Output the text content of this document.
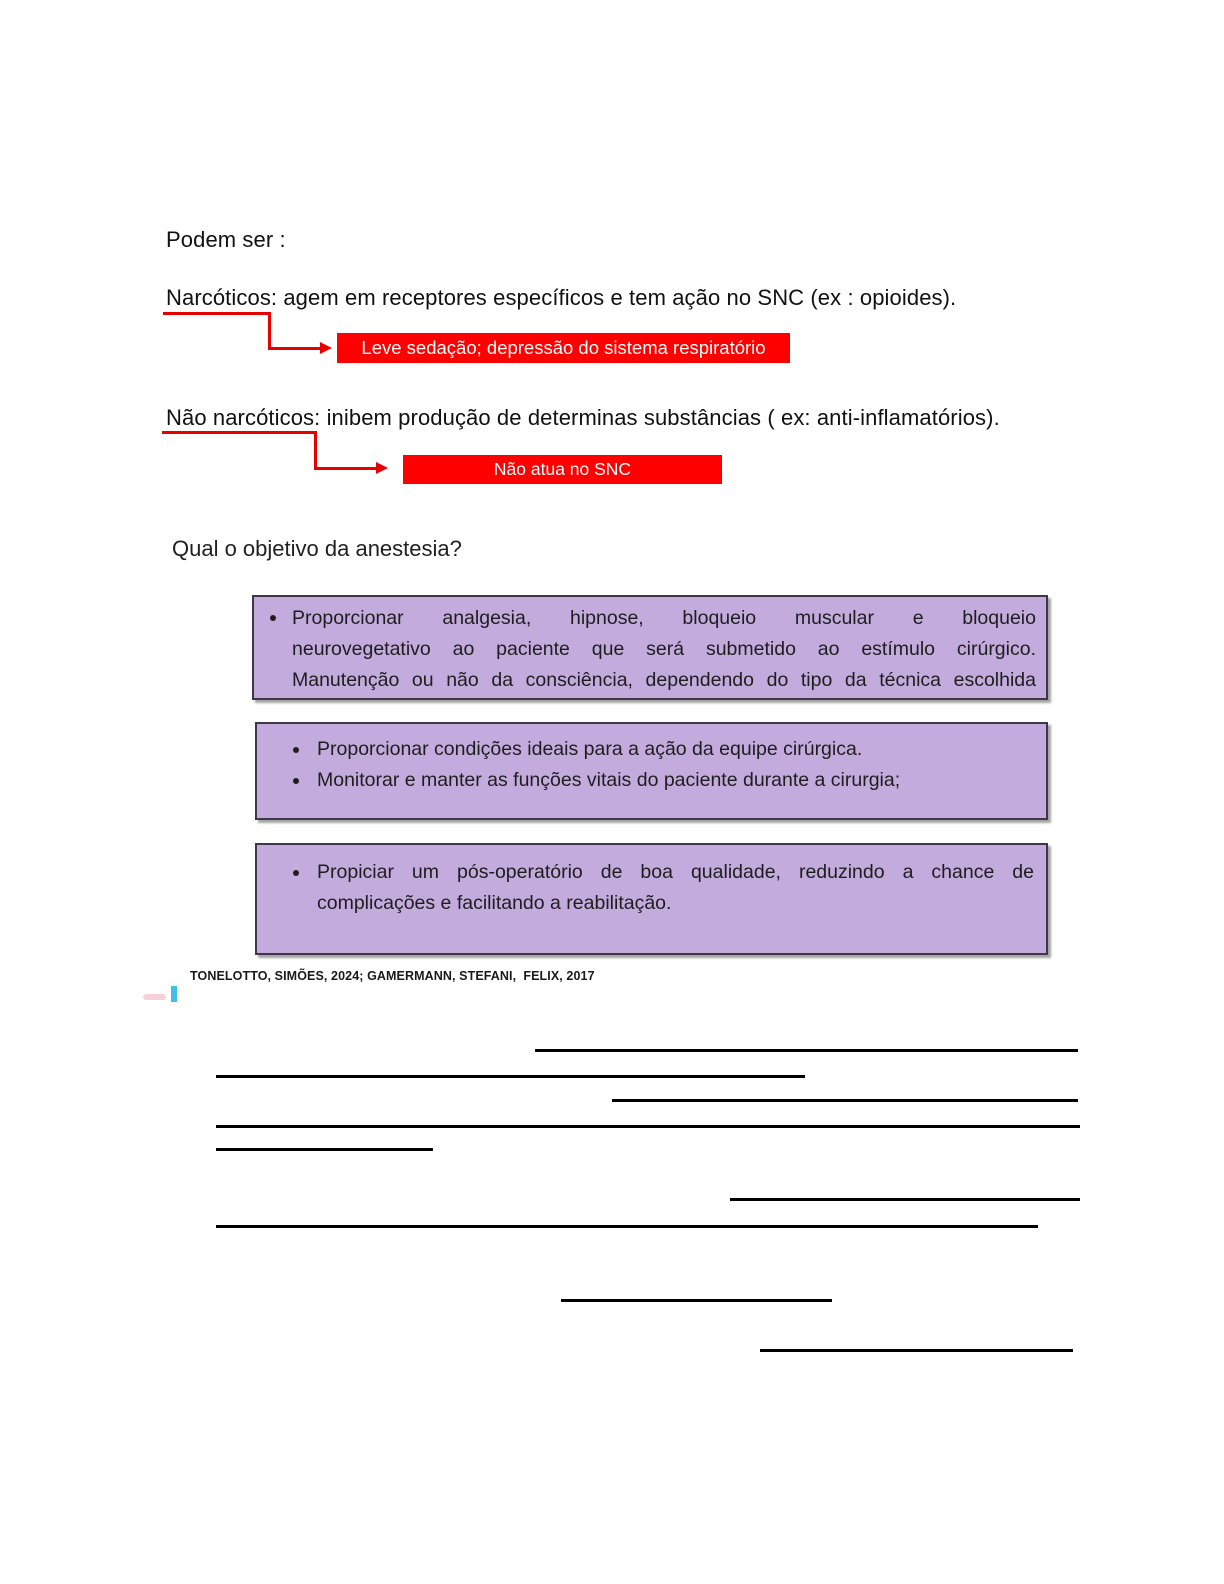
Podem ser :
Narcóticos: agem em receptores específicos e tem ação no SNC (ex : opioides).
Leve sedação; depressão do sistema respiratório
Não narcóticos: inibem produção de determinas substâncias ( ex: anti-inflamatórios).
Não atua no SNC
Qual o objetivo da anestesia?
Proporcionar analgesia, hipnose, bloqueio muscular e bloqueio
neurovegetativo ao paciente que será submetido ao estímulo cirúrgico.
Manutenção ou não da consciência, dependendo do tipo da técnica escolhida
Proporcionar condições ideais para a ação da equipe cirúrgica.
Monitorar e manter as funções vitais do paciente durante a cirurgia;
Propiciar um pós-operatório de boa qualidade, reduzindo a chance de
complicações e facilitando a reabilitação.
TONELOTTO, SIMÕES, 2024; GAMERMANN, STEFANI,  FELIX, 2017
